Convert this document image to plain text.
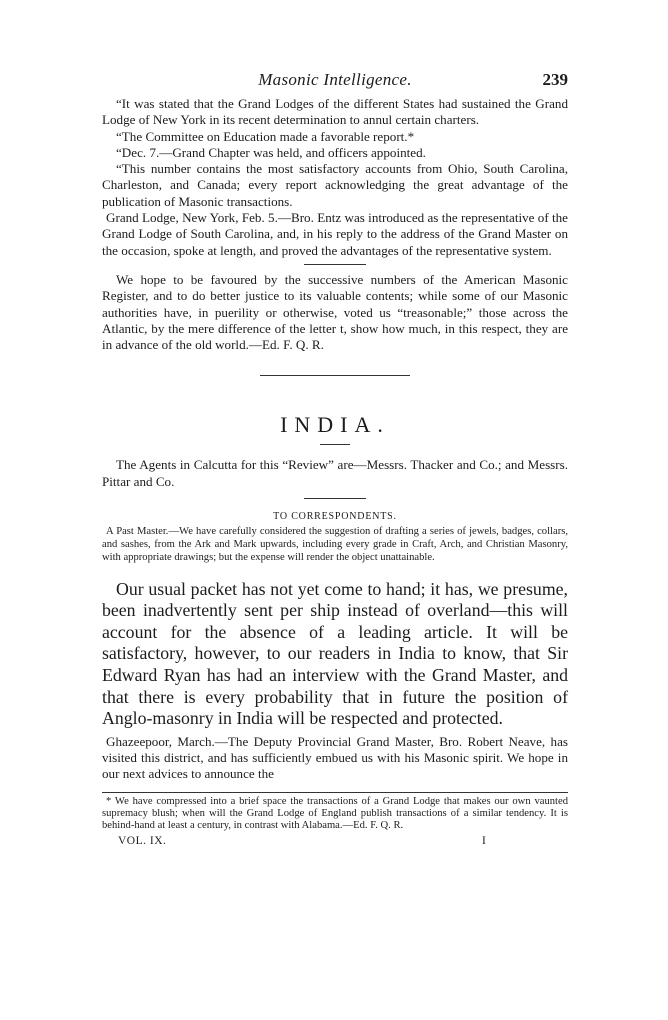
Masonic Intelligence.	239

“It was stated that the Grand Lodges of the different States had sustained the Grand Lodge of New York in its recent determination to annul certain charters.

“The Committee on Education made a favorable report.*

“Dec. 7.—Grand Chapter was held, and officers appointed.

“This number contains the most satisfactory accounts from Ohio, South Carolina, Charleston, and Canada; every report acknowledging the great advantage of the publication of Masonic transactions.

Grand Lodge, New York, Feb. 5.—Bro. Entz was introduced as the representative of the Grand Lodge of South Carolina, and, in his reply to the address of the Grand Master on the occasion, spoke at length, and proved the advantages of the representative system.

We hope to be favoured by the successive numbers of the American Masonic Register, and to do better justice to its valuable contents; while some of our Masonic authorities have, in puerility or otherwise, voted us “treasonable;” those across the Atlantic, by the mere difference of the letter t, show how much, in this respect, they are in advance of the old world.—Ed. F. Q. R.

INDIA.

The Agents in Calcutta for this “Review” are—Messrs. Thacker and Co.; and Messrs. Pittar and Co.

TO CORRESPONDENTS.

A Past Master.—We have carefully considered the suggestion of drafting a series of jewels, badges, collars, and sashes, from the Ark and Mark upwards, including every grade in Craft, Arch, and Christian Masonry, with appropriate drawings; but the expense will render the object unattainable.

Our usual packet has not yet come to hand; it has, we presume, been inadvertently sent per ship instead of overland—this will account for the absence of a leading article. It will be satisfactory, however, to our readers in India to know, that Sir Edward Ryan has had an interview with the Grand Master, and that there is every probability that in future the position of Anglo-masonry in India will be respected and protected.

Ghazeepoor, March.—The Deputy Provincial Grand Master, Bro. Robert Neave, has visited this district, and has sufficiently embued us with his Masonic spirit. We hope in our next advices to announce the

* We have compressed into a brief space the transactions of a Grand Lodge that makes our own vaunted supremacy blush; when will the Grand Lodge of England publish transactions of a similar tendency. It is behind-hand at least a century, in contrast with Alabama.—Ed. F. Q. R.

VOL. IX.	I
